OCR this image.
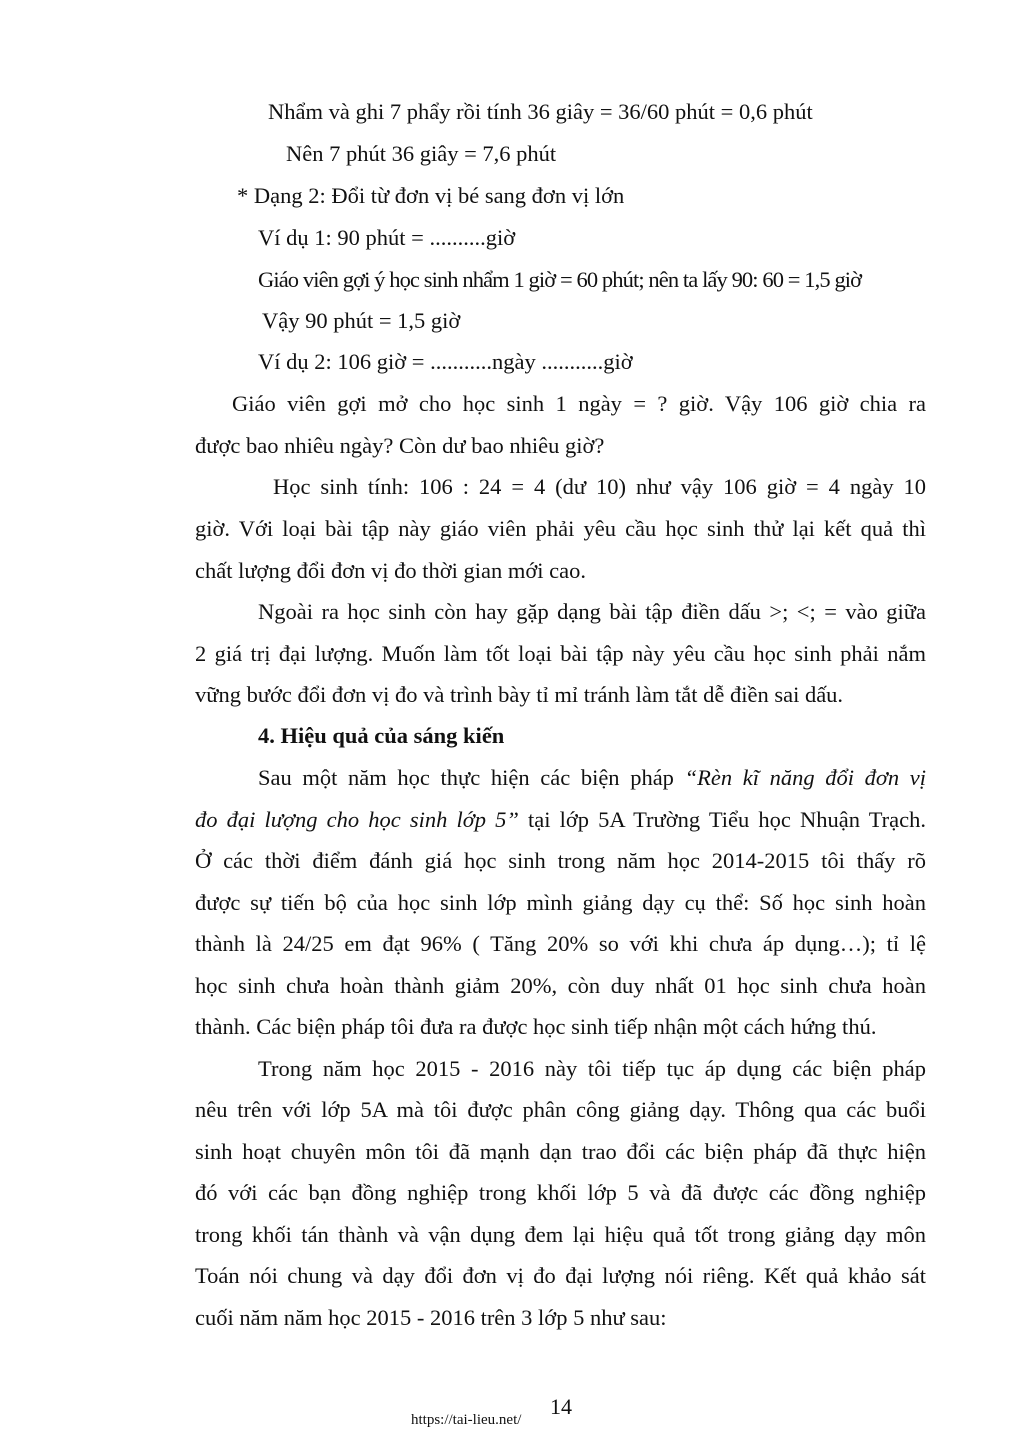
Nhẩm và ghi 7 phẩy rồi tính 36 giây = 36/60 phút = 0,6 phút
Nên 7 phút 36 giây = 7,6 phút
* Dạng 2: Đổi từ đơn vị bé sang đơn vị lớn
Ví dụ 1: 90 phút = ..........giờ
Giáo viên gợi ý học sinh nhẩm 1 giờ = 60 phút; nên ta lấy 90: 60 = 1,5 giờ
Vậy 90 phút = 1,5 giờ
Ví dụ 2: 106 giờ = ...........ngày ...........giờ
Giáo viên gợi mở cho học sinh 1 ngày = ? giờ. Vậy 106 giờ chia ra
được bao nhiêu ngày? Còn dư bao nhiêu giờ?
Học sinh tính: 106 : 24 = 4 (dư 10) như vậy 106 giờ = 4 ngày 10
giờ. Với loại bài tập này giáo viên phải yêu cầu học sinh thử lại kết quả thì
chất lượng đổi đơn vị đo thời gian mới cao.
Ngoài ra học sinh còn hay gặp dạng bài tập điền dấu >; <; = vào giữa
2 giá trị đại lượng. Muốn làm tốt loại bài tập này yêu cầu học sinh phải nắm
vững bước đổi đơn vị đo và trình bày tỉ mỉ tránh làm tắt dễ điền sai dấu.
4. Hiệu quả của sáng kiến
Sau một năm học thực hiện các biện pháp “Rèn kĩ năng đổi đơn vị
đo đại lượng cho học sinh lớp 5” tại lớp 5A Trường Tiểu học Nhuận Trạch.
Ở các thời điểm đánh giá học sinh trong năm học 2014-2015 tôi thấy rõ
được sự tiến bộ của học sinh lớp mình giảng dạy cụ thể: Số học sinh hoàn
thành là 24/25 em đạt 96% ( Tăng 20% so với khi chưa áp dụng…); tỉ lệ
học sinh chưa hoàn thành giảm 20%, còn duy nhất 01 học sinh chưa hoàn
thành. Các biện pháp tôi đưa ra được học sinh tiếp nhận một cách hứng thú.
Trong năm học 2015 - 2016 này tôi tiếp tục áp dụng các biện pháp
nêu trên với lớp 5A mà tôi được phân công giảng dạy. Thông qua các buổi
sinh hoạt chuyên môn tôi đã mạnh dạn trao đổi các biện pháp đã thực hiện
đó với các bạn đồng nghiệp trong khối lớp 5 và đã được các đồng nghiệp
trong khối tán thành và vận dụng đem lại hiệu quả tốt trong giảng dạy môn
Toán nói chung và dạy đổi đơn vị đo đại lượng nói riêng. Kết quả khảo sát
cuối năm năm học 2015 - 2016 trên 3 lớp 5 như sau:
14
https://tai-lieu.net/
